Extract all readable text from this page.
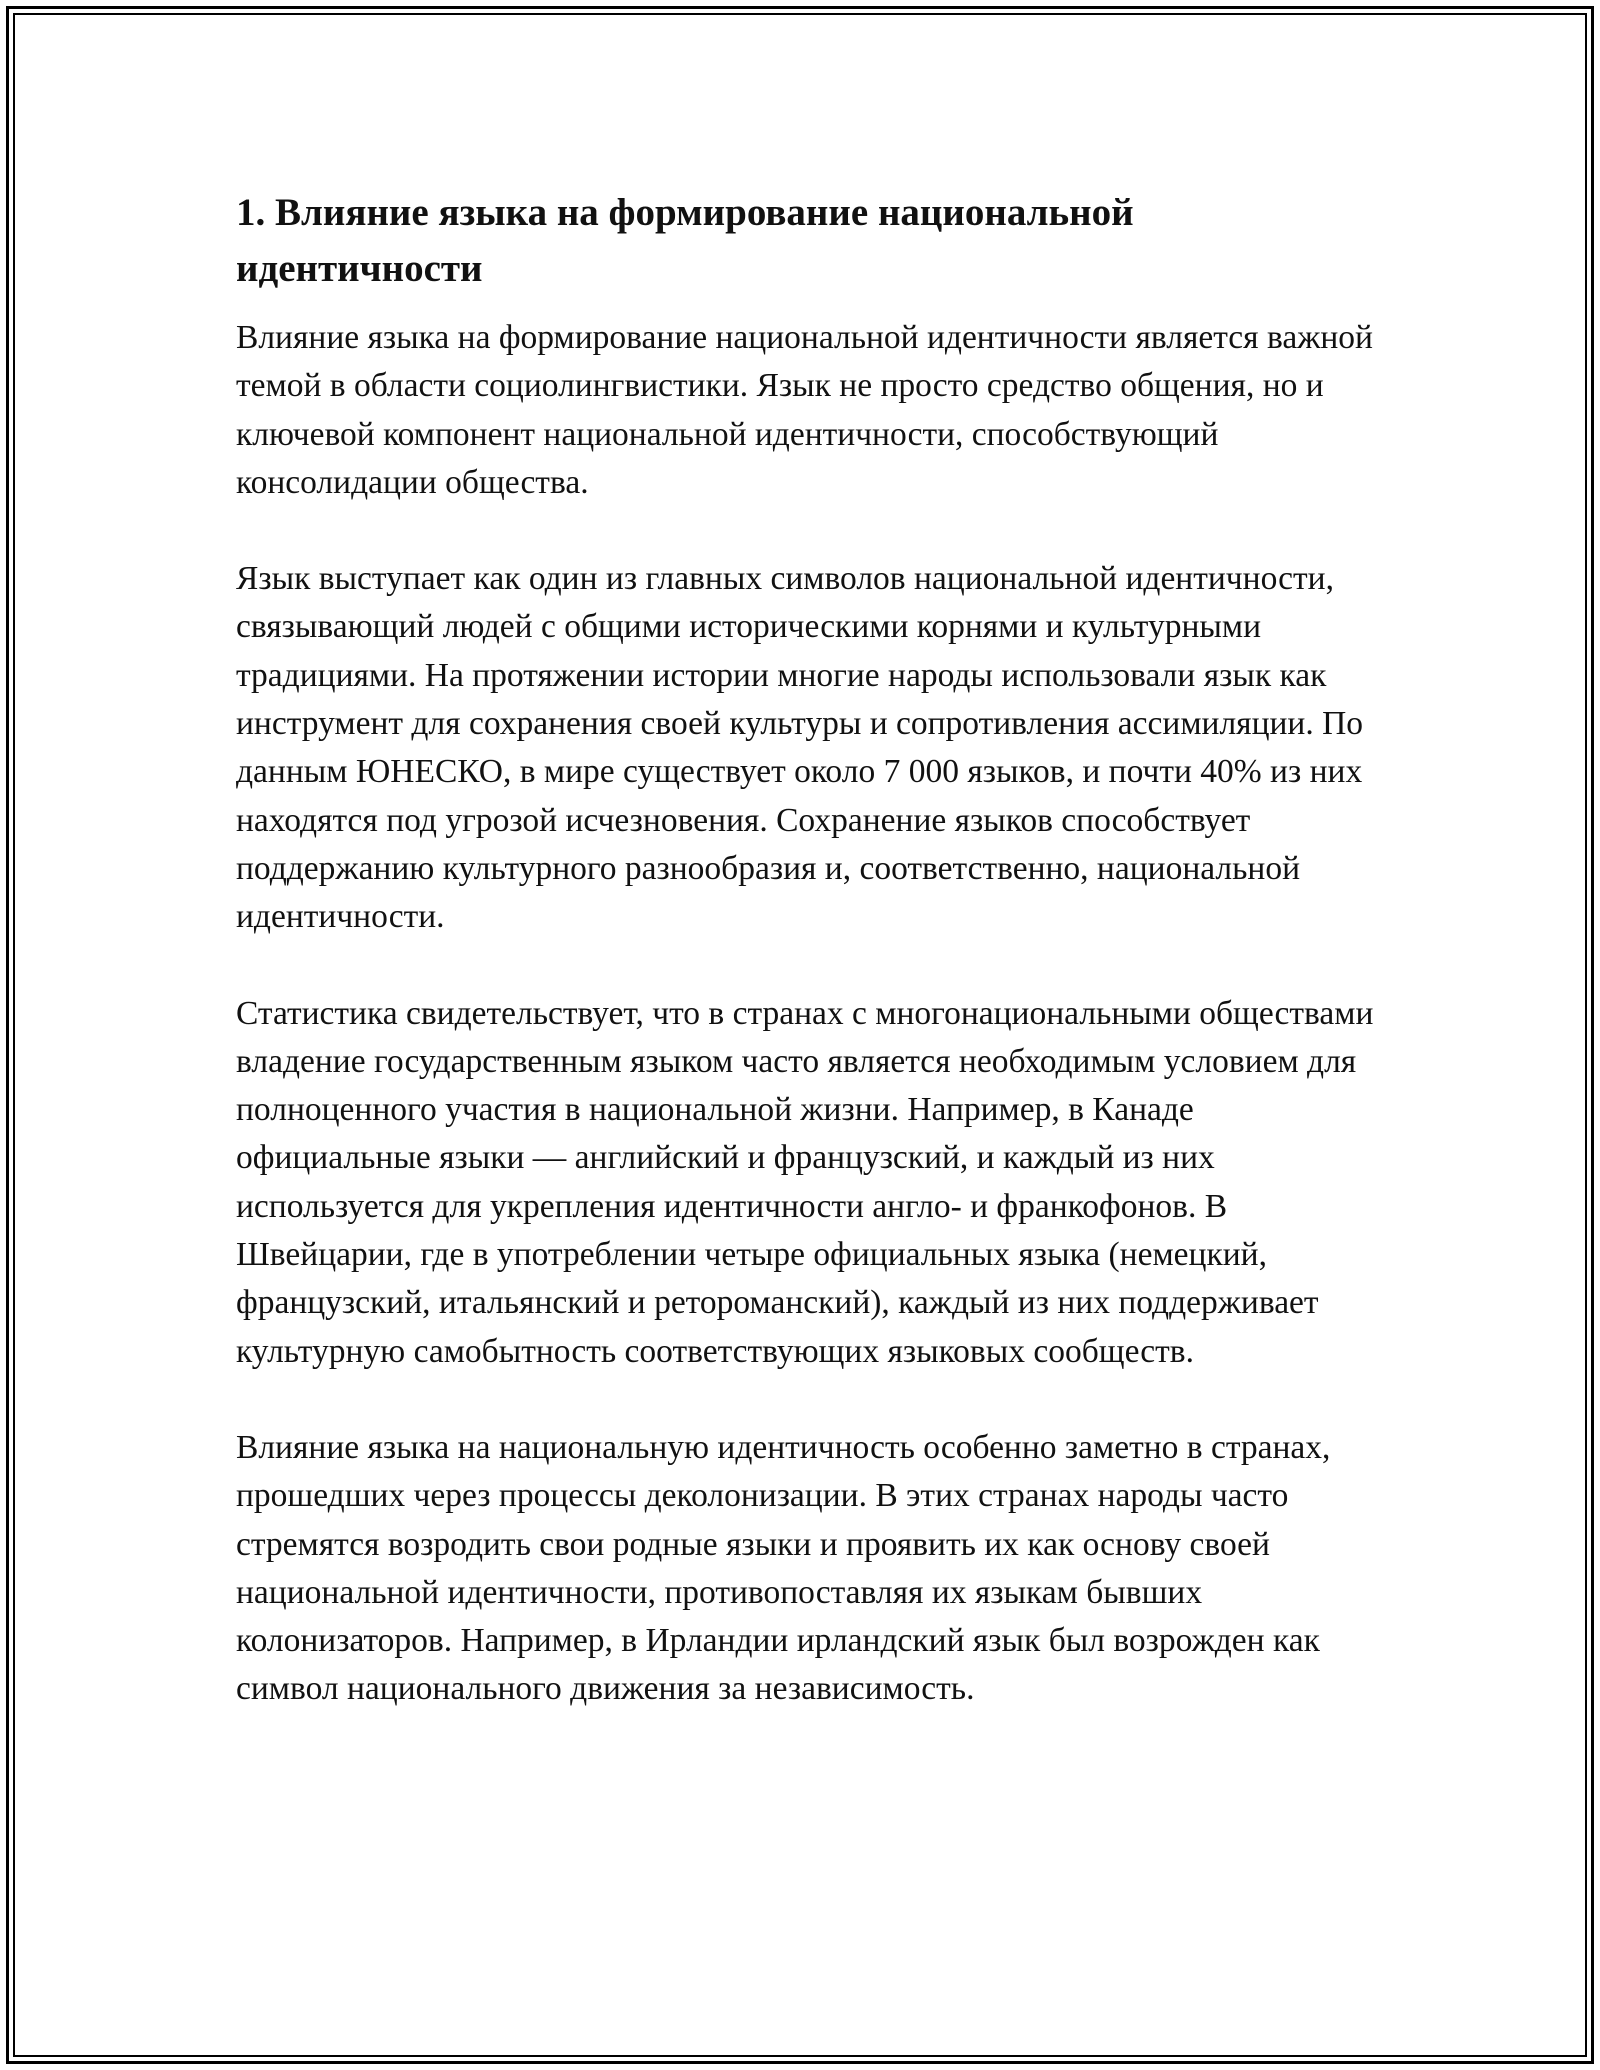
1. Влияние языка на формирование национальной идентичности

Влияние языка на формирование национальной идентичности является важной темой в области социолингвистики. Язык не просто средство общения, но и ключевой компонент национальной идентичности, способствующий консолидации общества.

Язык выступает как один из главных символов национальной идентичности, связывающий людей с общими историческими корнями и культурными традициями. На протяжении истории многие народы использовали язык как инструмент для сохранения своей культуры и сопротивления ассимиляции. По данным ЮНЕСКО, в мире существует около 7 000 языков, и почти 40% из них находятся под угрозой исчезновения. Сохранение языков способствует поддержанию культурного разнообразия и, соответственно, национальной идентичности.

Статистика свидетельствует, что в странах с многонациональными обществами владение государственным языком часто является необходимым условием для полноценного участия в национальной жизни. Например, в Канаде официальные языки — английский и французский, и каждый из них используется для укрепления идентичности англо- и франкофонов. В Швейцарии, где в употреблении четыре официальных языка (немецкий, французский, итальянский и ретороманский), каждый из них поддерживает культурную самобытность соответствующих языковых сообществ.

Влияние языка на национальную идентичность особенно заметно в странах, прошедших через процессы деколонизации. В этих странах народы часто стремятся возродить свои родные языки и проявить их как основу своей национальной идентичности, противопоставляя их языкам бывших колонизаторов. Например, в Ирландии ирландский язык был возрожден как символ национального движения за независимость.
